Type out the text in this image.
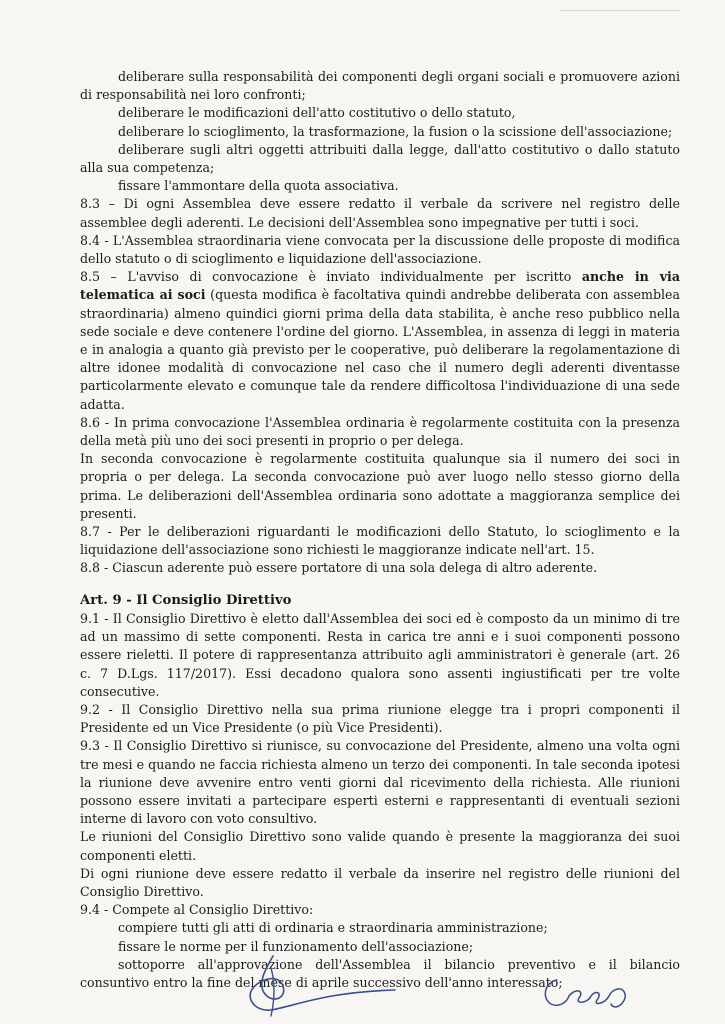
deliberare sulla responsabilità dei componenti degli organi sociali e promuovere azioni di responsabilità nei loro confronti;

deliberare le modificazioni dell'atto costitutivo o dello statuto,

deliberare lo scioglimento, la trasformazione, la fusion o la scissione dell'associazione;

deliberare sugli altri oggetti attribuiti dalla legge, dall'atto costitutivo o dallo statuto alla sua competenza;

fissare l'ammontare della quota associativa.

8.3 – Di ogni Assemblea deve essere redatto il verbale da scrivere nel registro delle assemblee degli aderenti. Le decisioni dell'Assemblea sono impegnative per tutti i soci.

8.4 - L'Assemblea straordinaria viene convocata per la discussione delle proposte di modifica dello statuto o di scioglimento e liquidazione dell'associazione.

8.5 – L'avviso di convocazione è inviato individualmente per iscritto anche in via telematica ai soci (questa modifica è facoltativa quindi andrebbe deliberata con assemblea straordinaria) almeno quindici giorni prima della data stabilita, è anche reso pubblico nella sede sociale e deve contenere l'ordine del giorno. L'Assemblea, in assenza di leggi in materia e in analogia a quanto già previsto per le cooperative, può deliberare la regolamentazione di altre idonee modalità di convocazione nel caso che il numero degli aderenti diventasse particolarmente elevato e comunque tale da rendere difficoltosa l'individuazione di una sede adatta.

8.6 - In prima convocazione l'Assemblea ordinaria è regolarmente costituita con la presenza della metà più uno dei soci presenti in proprio o per delega.

In seconda convocazione è regolarmente costituita qualunque sia il numero dei soci in propria o per delega. La seconda convocazione può aver luogo nello stesso giorno della prima. Le deliberazioni dell'Assemblea ordinaria sono adottate a maggioranza semplice dei presenti.

8.7 - Per le deliberazioni riguardanti le modificazioni dello Statuto, lo scioglimento e la liquidazione dell'associazione sono richiesti le maggioranze indicate nell'art. 15.

8.8 - Ciascun aderente può essere portatore di una sola delega di altro aderente.

Art. 9 - Il Consiglio Direttivo

9.1 - Il Consiglio Direttivo è eletto dall'Assemblea dei soci ed è composto da un minimo di tre ad un massimo di sette componenti. Resta in carica tre anni e i suoi componenti possono essere rieletti. Il potere di rappresentanza attribuito agli amministratori è generale (art. 26 c. 7 D.Lgs. 117/2017). Essi decadono qualora sono assenti ingiustificati per tre volte consecutive.

9.2 - Il Consiglio Direttivo nella sua prima riunione elegge tra i propri componenti il Presidente ed un Vice Presidente (o più Vice Presidenti).

9.3 - Il Consiglio Direttivo si riunisce, su convocazione del Presidente, almeno una volta ogni tre mesi e quando ne faccia richiesta almeno un terzo dei componenti. In tale seconda ipotesi la riunione deve avvenire entro venti giorni dal ricevimento della richiesta. Alle riunioni possono essere invitati a partecipare esperti esterni e rappresentanti di eventuali sezioni interne di lavoro con voto consultivo.

Le riunioni del Consiglio Direttivo sono valide quando è presente la maggioranza dei suoi componenti eletti.

Di ogni riunione deve essere redatto il verbale da inserire nel registro delle riunioni del Consiglio Direttivo.

9.4 - Compete al Consiglio Direttivo:

compiere tutti gli atti di ordinaria e straordinaria amministrazione;

fissare le norme per il funzionamento dell'associazione;

sottoporre all'approvazione dell'Assemblea il bilancio preventivo e il bilancio consuntivo entro la fine del mese di aprile successivo dell'anno interessato;
